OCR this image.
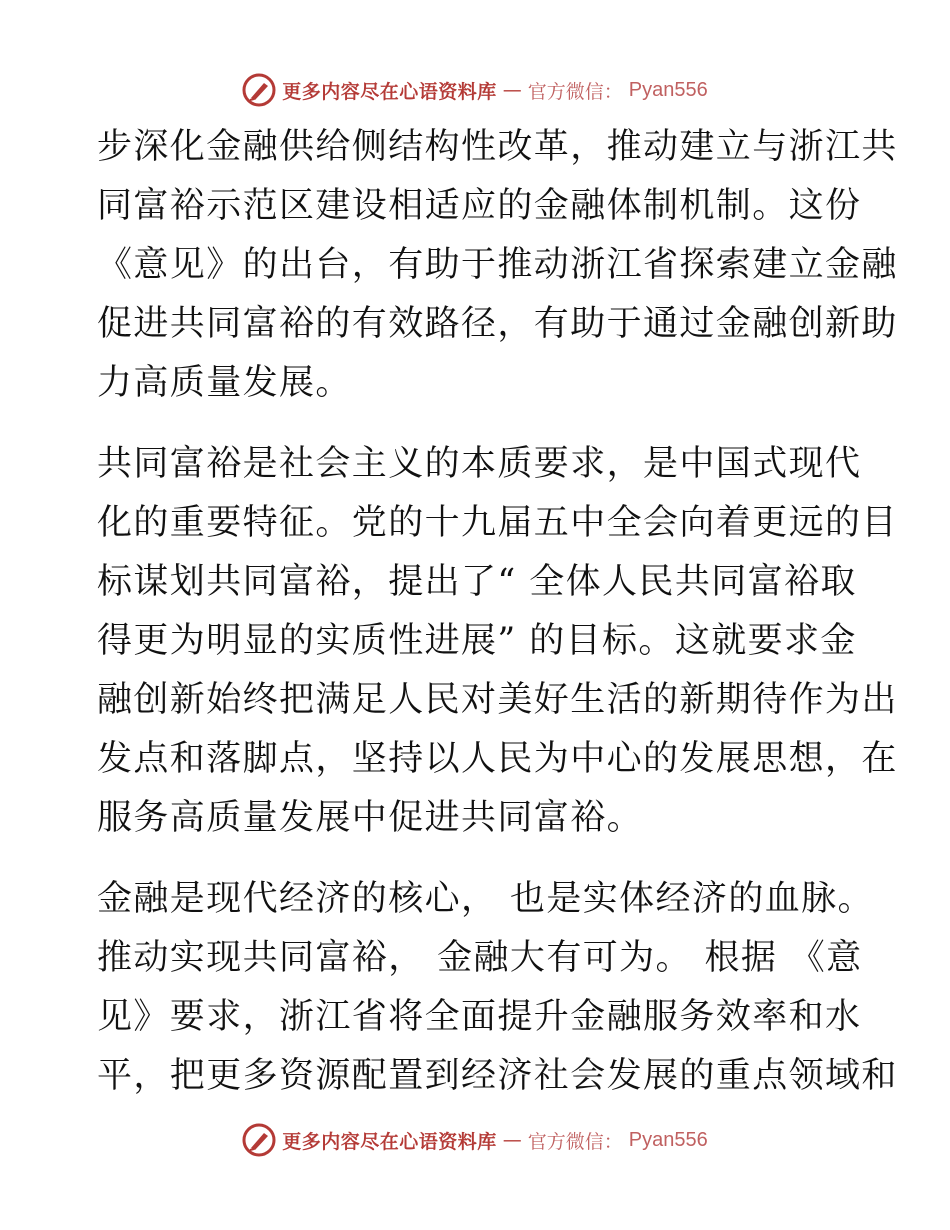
更多内容尽在心语资料库 — 官方微信： Pyan556
步深化金融供给侧结构性改革，推动建立与浙江共
同富裕示范区建设相适应的金融体制机制。这份
《意见》的出台，有助于推动浙江省探索建立金融
促进共同富裕的有效路径，有助于通过金融创新助
力高质量发展。
共同富裕是社会主义的本质要求，是中国式现代
化的重要特征。党的十九届五中全会向着更远的目
标谋划共同富裕，提出了“ 全体人民共同富裕取
得更为明显的实质性进展” 的目标。这就要求金
融创新始终把满足人民对美好生活的新期待作为出
发点和落脚点，坚持以人民为中心的发展思想，在
服务高质量发展中促进共同富裕。
金融是现代经济的核心， 也是实体经济的血脉。
推动实现共同富裕， 金融大有可为。 根据 《意
见》要求，浙江省将全面提升金融服务效率和水
平，把更多资源配置到经济社会发展的重点领域和
更多内容尽在心语资料库 — 官方微信： Pyan556
